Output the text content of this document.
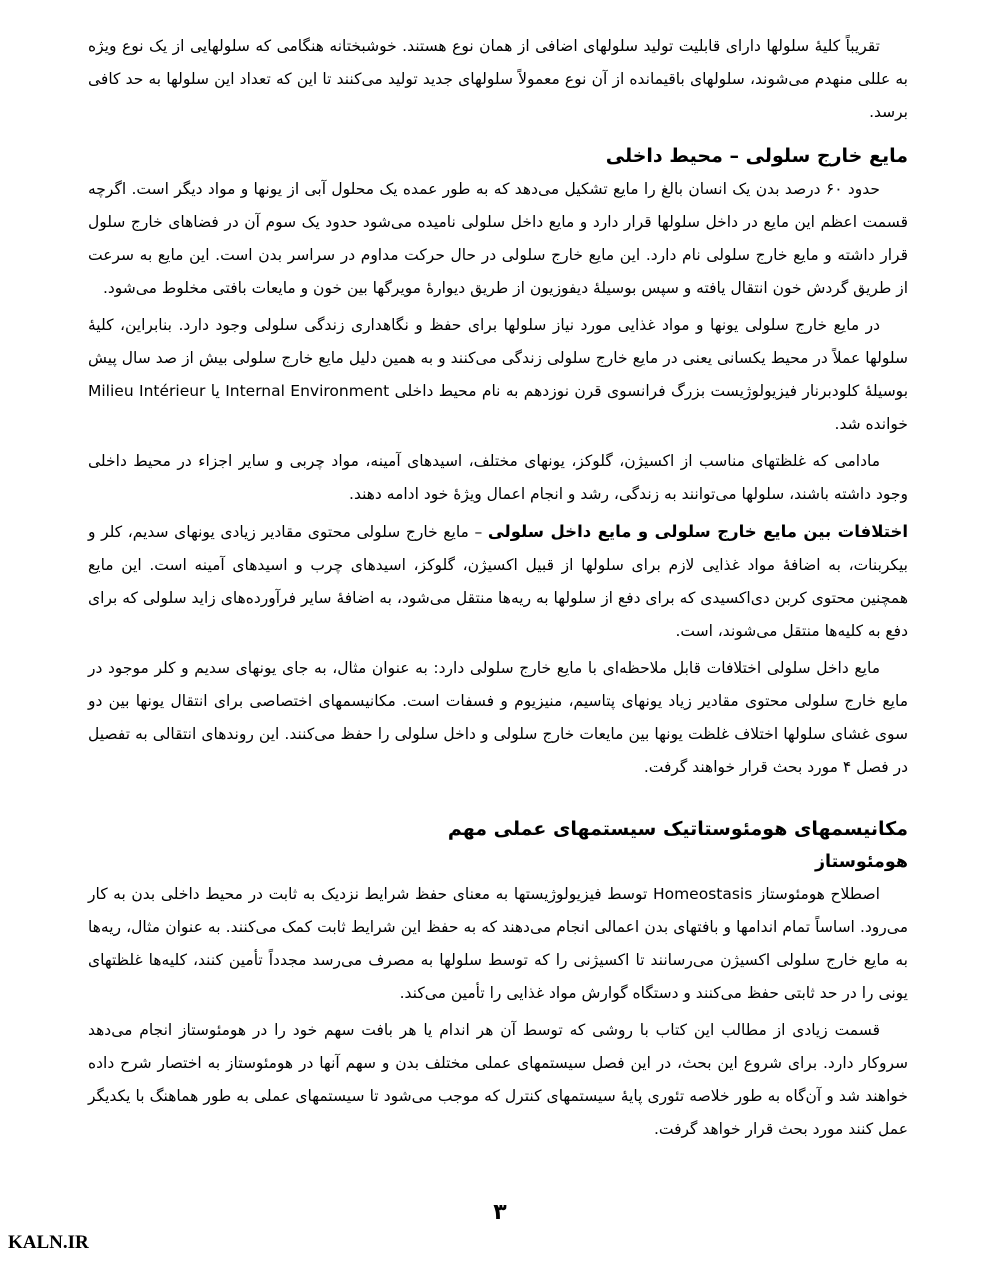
تقریباً کلیهٔ سلولها دارای قابلیت تولید سلولهای اضافی از همان نوع هستند. خوشبختانه هنگامی که سلولهایی از یک نوع ویژه به عللی منهدم می‌شوند، سلولهای باقیمانده از آن نوع معمولاً سلولهای جدید تولید می‌کنند تا این که تعداد این سلولها به حد کافی برسد.

مایع خارج سلولی – محیط داخلی

حدود ۶۰ درصد بدن یک انسان بالغ را مایع تشکیل می‌دهد که به طور عمده یک محلول آبی از یونها و مواد دیگر است. اگرچه قسمت اعظم این مایع در داخل سلولها قرار دارد و مایع داخل سلولی نامیده می‌شود حدود یک سوم آن در فضاهای خارج سلول قرار داشته و مایع خارج سلولی نام دارد. این مایع خارج سلولی در حال حرکت مداوم در سراسر بدن است. این مایع به سرعت از طریق گردش خون انتقال یافته و سپس بوسیلهٔ دیفوزیون از طریق دیوارهٔ مویرگها بین خون و مایعات بافتی مخلوط می‌شود.

در مایع خارج سلولی یونها و مواد غذایی مورد نیاز سلولها برای حفظ و نگاهداری زندگی سلولی وجود دارد. بنابراین، کلیهٔ سلولها عملاً در محیط یکسانی یعنی در مایع خارج سلولی زندگی می‌کنند و به همین دلیل مایع خارج سلولی بیش از صد سال پیش بوسیلهٔ کلودبرنار فیزیولوژیست بزرگ فرانسوی قرن نوزدهم به نام محیط داخلی Internal Environment یا Milieu Intérieur خوانده شد.

مادامی که غلظتهای مناسب از اکسیژن، گلوکز، یونهای مختلف، اسیدهای آمینه، مواد چربی و سایر اجزاء در محیط داخلی وجود داشته باشند، سلولها می‌توانند به زندگی، رشد و انجام اعمال ویژهٔ خود ادامه دهند.

اختلافات بین مایع خارج سلولی و مایع داخل سلولی – مایع خارج سلولی محتوی مقادیر زیادی یونهای سدیم، کلر و بیکربنات، به اضافهٔ مواد غذایی لازم برای سلولها از قبیل اکسیژن، گلوکز، اسیدهای چرب و اسیدهای آمینه است. این مایع همچنین محتوی کربن دی‌اکسیدی که برای دفع از سلولها به ریه‌ها منتقل می‌شود، به اضافهٔ سایر فرآورده‌های زاید سلولی که برای دفع به کلیه‌ها منتقل می‌شوند، است.

مایع داخل سلولی اختلافات قابل ملاحظه‌ای با مایع خارج سلولی دارد: به عنوان مثال، به جای یونهای سدیم و کلر موجود در مایع خارج سلولی محتوی مقادیر زیاد یونهای پتاسیم، منیزیوم و فسفات است. مکانیسمهای اختصاصی برای انتقال یونها بین دو سوی غشای سلولها اختلاف غلظت یونها بین مایعات خارج سلولی و داخل سلولی را حفظ می‌کنند. این روندهای انتقالی به تفصیل در فصل ۴ مورد بحث قرار خواهند گرفت.

مکانیسمهای هومئوستاتیک سیستمهای عملی مهم
هومئوستاز

اصطلاح هومئوستاز Homeostasis توسط فیزیولوژیستها به معنای حفظ شرایط نزدیک به ثابت در محیط داخلی بدن به کار می‌رود. اساساً تمام اندامها و بافتهای بدن اعمالی انجام می‌دهند که به حفظ این شرایط ثابت کمک می‌کنند. به عنوان مثال، ریه‌ها به مایع خارج سلولی اکسیژن می‌رسانند تا اکسیژنی را که توسط سلولها به مصرف می‌رسد مجدداً تأمین کنند، کلیه‌ها غلظتهای یونی را در حد ثابتی حفظ می‌کنند و دستگاه گوارش مواد غذایی را تأمین می‌کند.

قسمت زیادی از مطالب این کتاب با روشی که توسط آن هر اندام یا هر بافت سهم خود را در هومئوستاز انجام می‌دهد سروکار دارد. برای شروع این بحث، در این فصل سیستمهای عملی مختلف بدن و سهم آنها در هومئوستاز به اختصار شرح داده خواهند شد و آن‌گاه به طور خلاصه تئوری پایهٔ سیستمهای کنترل که موجب می‌شود تا سیستمهای عملی به طور هماهنگ با یکدیگر عمل کنند مورد بحث قرار خواهد گرفت.

۳
KALN.IR
